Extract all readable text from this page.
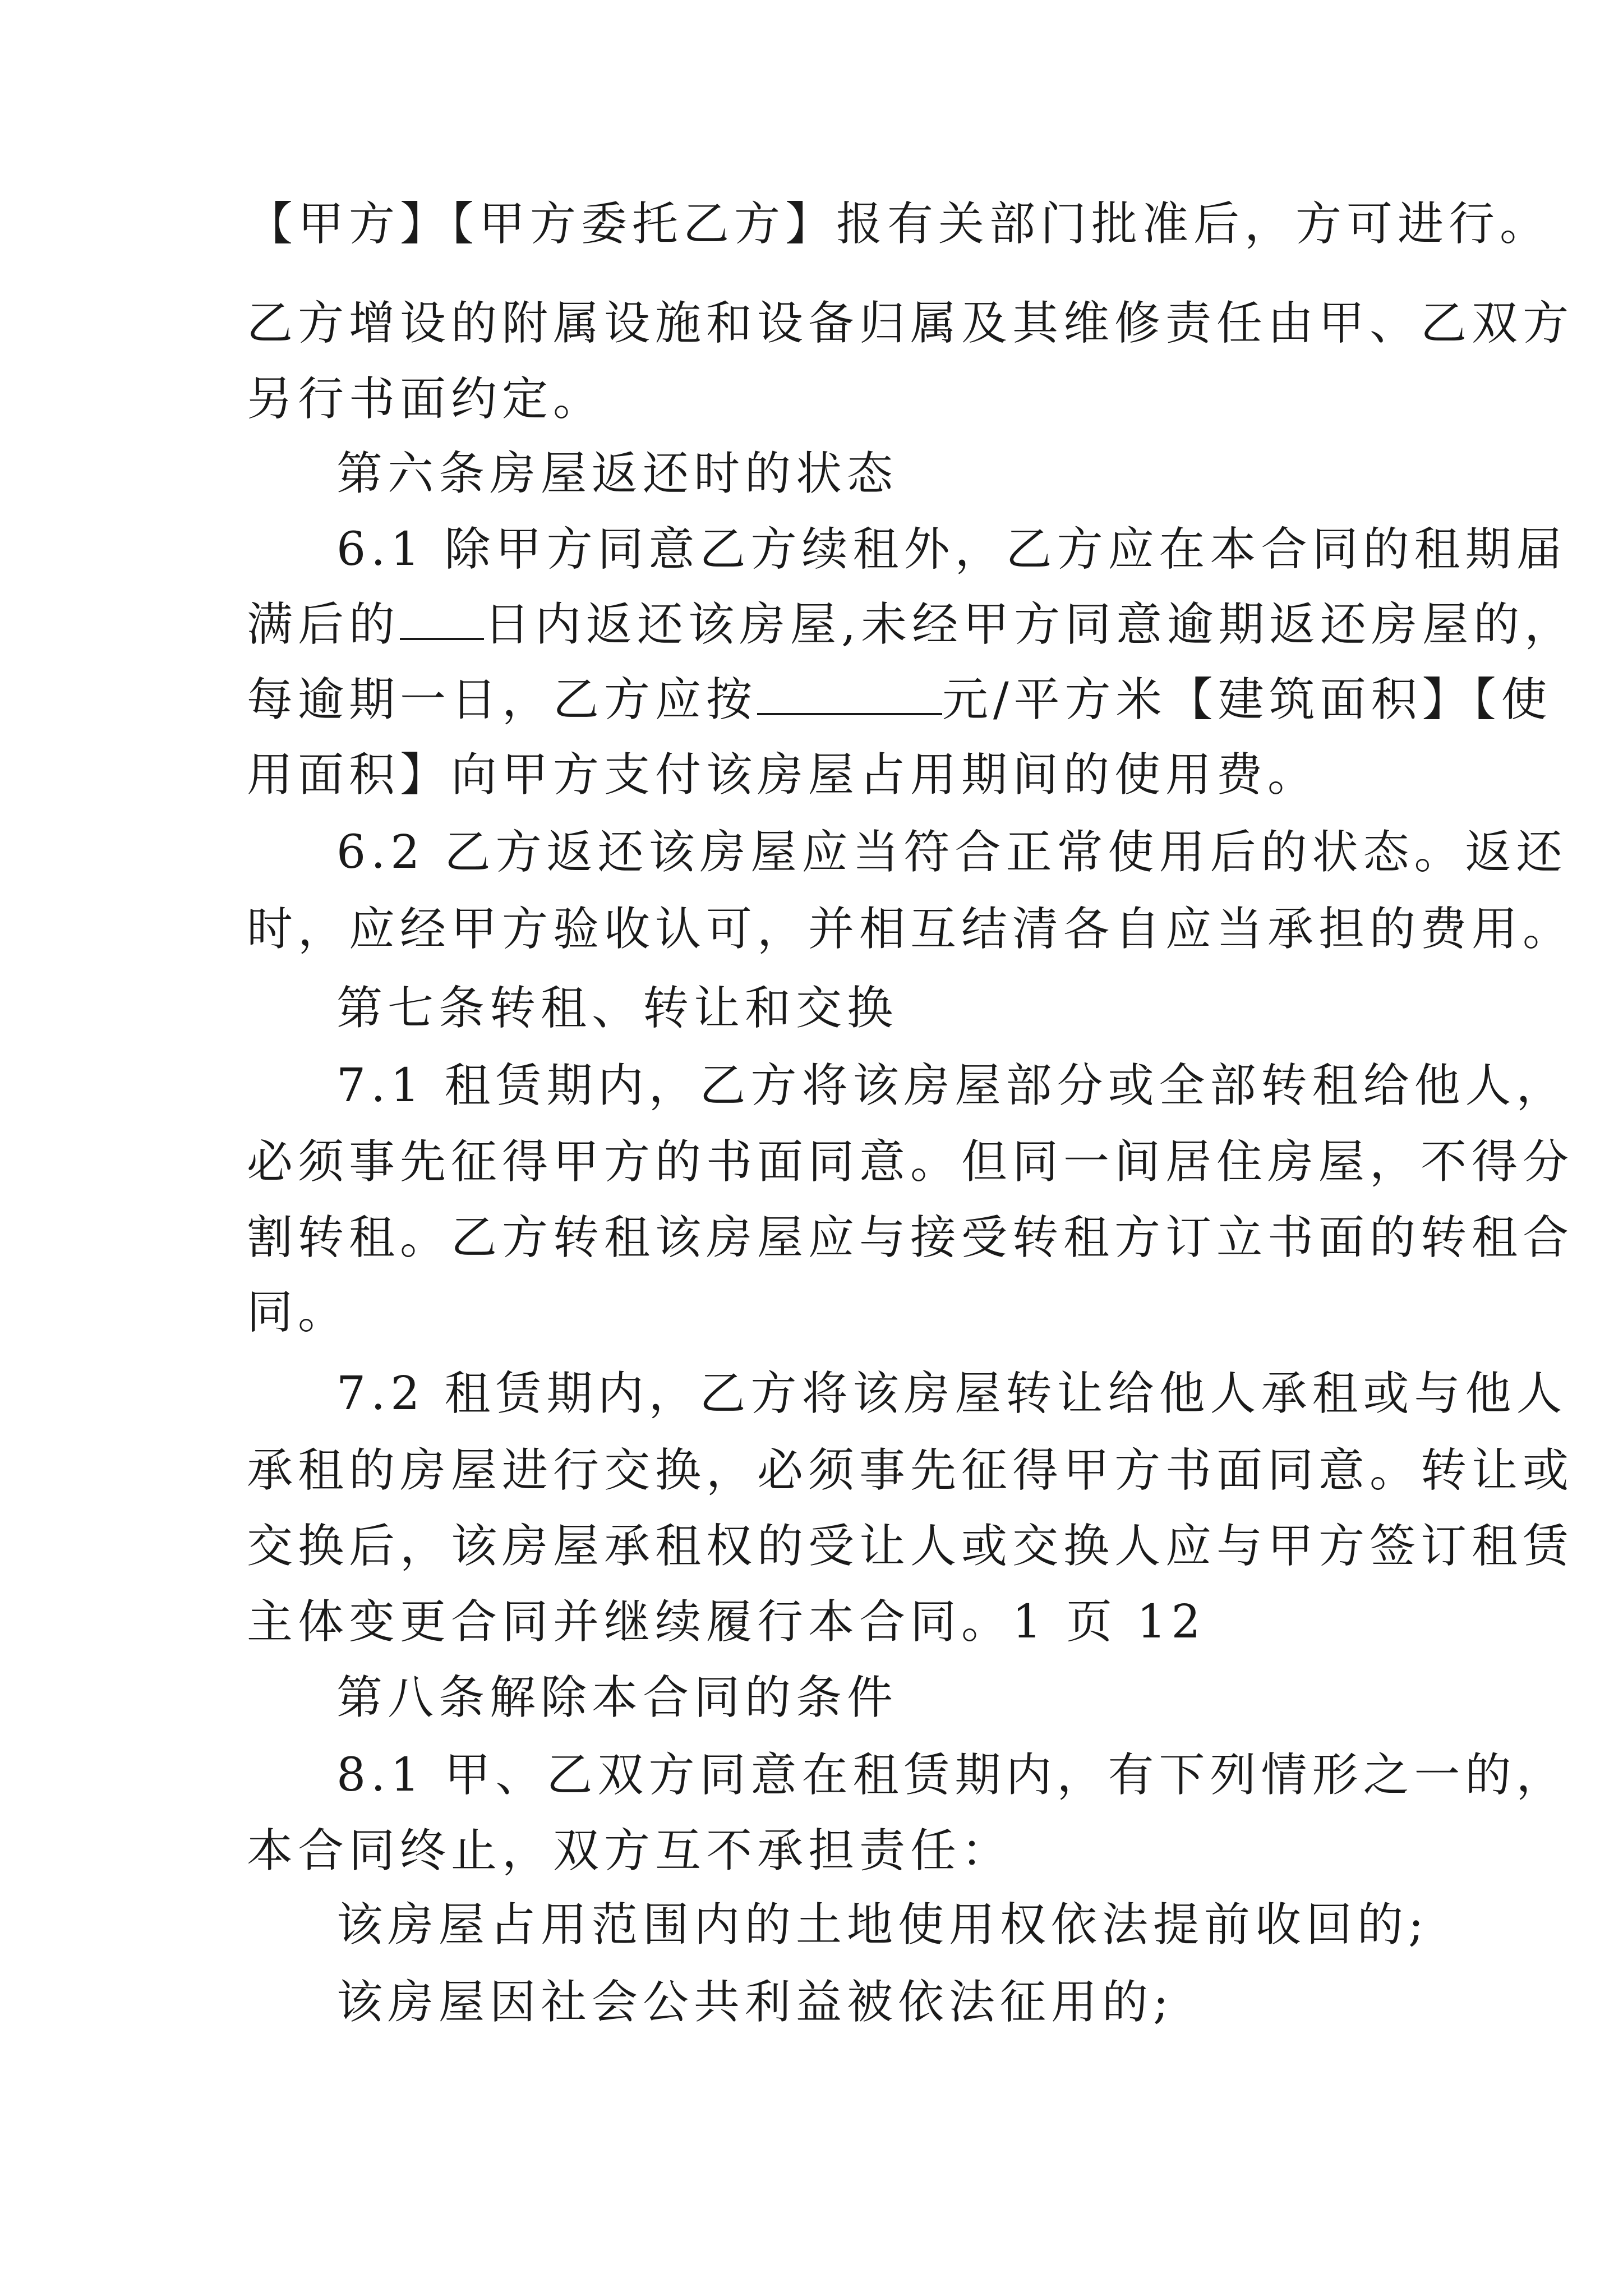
【甲方】【甲方委托乙方】报有关部门批准后，方可进行。
乙方增设的附属设施和设备归属及其维修责任由甲、乙双方
另行书面约定。
第六条房屋返还时的状态
6.1 除甲方同意乙方续租外，乙方应在本合同的租期届
满后的 日内返还该房屋,未经甲方同意逾期返还房屋的，
每逾期一日，乙方应按	元/平方米【建筑面积】【使
用面积】向甲方支付该房屋占用期间的使用费。
6.2 乙方返还该房屋应当符合正常使用后的状态。返还
时，应经甲方验收认可，并相互结清各自应当承担的费用。
第七条转租、转让和交换
7.1 租赁期内，乙方将该房屋部分或全部转租给他人，
必须事先征得甲方的书面同意。但同一间居住房屋，不得分
割转租。乙方转租该房屋应与接受转租方订立书面的转租合
同。
7.2 租赁期内，乙方将该房屋转让给他人承租或与他人
承租的房屋进行交换，必须事先征得甲方书面同意。转让或
交换后，该房屋承租权的受让人或交换人应与甲方签订租赁
主体变更合同并继续履行本合同。1 页 12
第八条解除本合同的条件
8.1 甲、乙双方同意在租赁期内，有下列情形之一的，
本合同终止，双方互不承担责任：
该房屋占用范围内的土地使用权依法提前收回的;
该房屋因社会公共利益被依法征用的;
